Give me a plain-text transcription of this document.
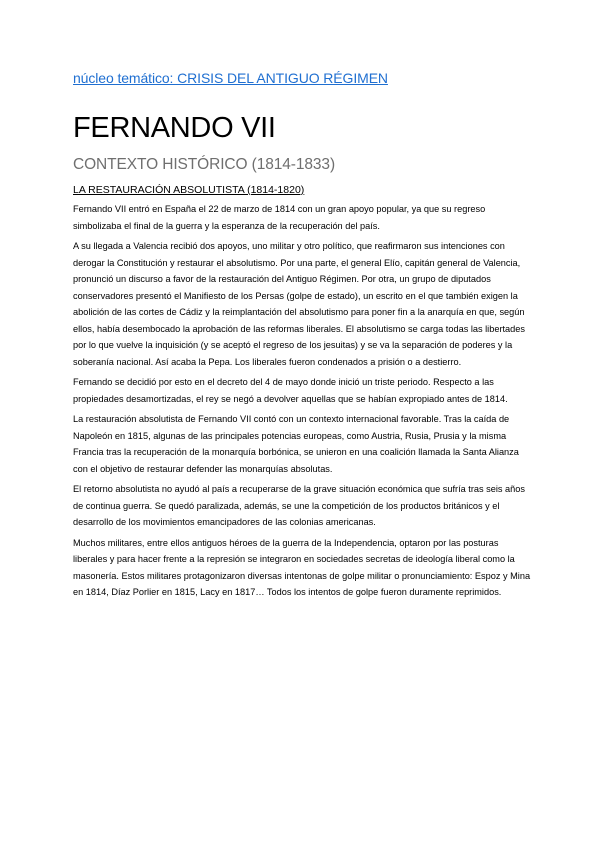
núcleo temático: CRISIS DEL ANTIGUO RÉGIMEN
FERNANDO VII
CONTEXTO HISTÓRICO (1814-1833)
LA RESTAURACIÓN ABSOLUTISTA (1814-1820)

Fernando VII entró en España el 22 de marzo de 1814 con un gran apoyo popular, ya que su regreso simbolizaba el final de la guerra y la esperanza de la recuperación del país.

A su llegada a Valencia recibió dos apoyos, uno militar y otro político, que reafirmaron sus intenciones con derogar la Constitución y restaurar el absolutismo. Por una parte, el general Elío, capitán general de Valencia, pronunció un discurso a favor de la restauración del Antiguo Régimen. Por otra, un grupo de diputados conservadores presentó el Manifiesto de los Persas (golpe de estado), un escrito en el que también exigen la abolición de las cortes de Cádiz y la reimplantación del absolutismo para poner fin a la anarquía en que, según ellos, había desembocado la aprobación de las reformas liberales. El absolutismo se carga todas las libertades por lo que vuelve la inquisición (y se aceptó el regreso de los jesuitas) y se va la separación de poderes y la soberanía nacional. Así acaba la Pepa. Los liberales fueron condenados a prisión o a destierro.

Fernando se decidió por esto en el decreto del 4 de mayo donde inició un triste periodo. Respecto a las propiedades desamortizadas, el rey se negó a devolver aquellas que se habían expropiado antes de 1814.

La restauración absolutista de Fernando VII contó con un contexto internacional favorable. Tras la caída de Napoleón en 1815, algunas de las principales potencias europeas, como Austria, Rusia, Prusia y la misma Francia tras la recuperación de la monarquía borbónica, se unieron en una coalición llamada la Santa Alianza con el objetivo de restaurar defender las monarquías absolutas.

El retorno absolutista no ayudó al país a recuperarse de la grave situación económica que sufría tras seis años de continua guerra. Se quedó paralizada, además, se une la competición de los productos británicos y el desarrollo de los movimientos emancipadores de las colonias americanas.

Muchos militares, entre ellos antiguos héroes de la guerra de la Independencia, optaron por las posturas liberales y para hacer frente a la represión se integraron en sociedades secretas de ideología liberal como la masonería. Estos militares protagonizaron diversas intentonas de golpe militar o pronunciamiento: Espoz y Mina en 1814, Díaz Porlier en 1815, Lacy en 1817… Todos los intentos de golpe fueron duramente reprimidos.
